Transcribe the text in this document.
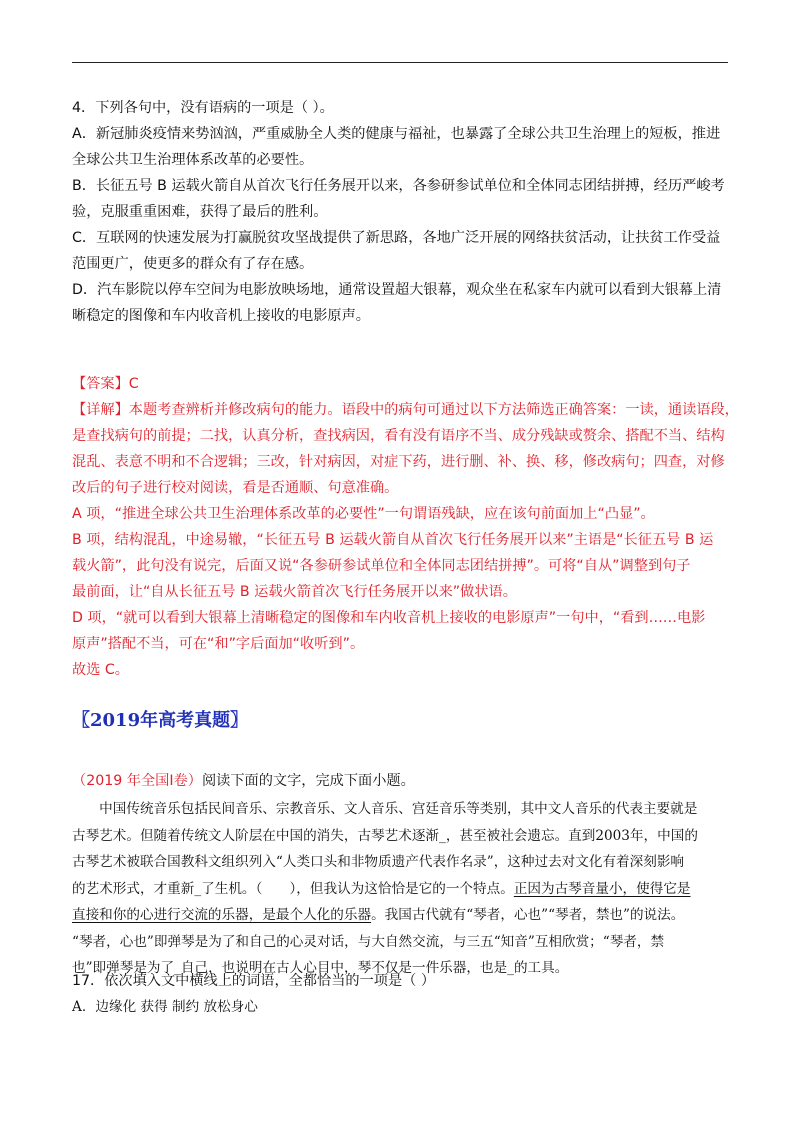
4．下列各句中，没有语病的一项是（ ）。
A．新冠肺炎疫情来势汹汹，严重威胁全人类的健康与福祉，也暴露了全球公共卫生治理上的短板，推进
全球公共卫生治理体系改革的必要性。
B．长征五号 B 运载火箭自从首次飞行任务展开以来，各参研参试单位和全体同志团结拼搏，经历严峻考
验，克服重重困难，获得了最后的胜利。
C．互联网的快速发展为打赢脱贫攻坚战提供了新思路，各地广泛开展的网络扶贫活动，让扶贫工作受益
范围更广，使更多的群众有了存在感。
D．汽车影院以停车空间为电影放映场地，通常设置超大银幕，观众坐在私家车内就可以看到大银幕上清
晰稳定的图像和车内收音机上接收的电影原声。
【答案】C
【详解】本题考查辨析并修改病句的能力。语段中的病句可通过以下方法筛选正确答案：一读，通读语段，
是查找病句的前提；二找，认真分析，查找病因，看有没有语序不当、成分残缺或赘余、搭配不当、结构
混乱、表意不明和不合逻辑；三改，针对病因，对症下药，进行删、补、换、移，修改病句；四查，对修
改后的句子进行校对阅读，看是否通顺、句意准确。
A 项，“推进全球公共卫生治理体系改革的必要性”一句谓语残缺，应在该句前面加上“凸显”。
B 项，结构混乱，中途易辙，“长征五号 B 运载火箭自从首次飞行任务展开以来”主语是“长征五号 B 运
载火箭”，此句没有说完，后面又说“各参研参试单位和全体同志团结拼搏”。可将“自从”调整到句子
最前面，让“自从长征五号 B 运载火箭首次飞行任务展开以来”做状语。
D 项，“就可以看到大银幕上清晰稳定的图像和车内收音机上接收的电影原声”一句中，“看到……电影
原声”搭配不当，可在“和”字后面加“收听到”。
故选 C。
〖2019年高考真题〗
（2019 年全国Ⅰ卷）阅读下面的文字，完成下面小题。
　　中国传统音乐包括民间音乐、宗教音乐、文人音乐、宫廷音乐等类别，其中文人音乐的代表主要就是
古琴艺术。但随着传统文人阶层在中国的消失，古琴艺术逐渐_，甚至被社会遗忘。直到2003年，中国的
古琴艺术被联合国教科文组织列入“人类口头和非物质遗产代表作名录”，这种过去对文化有着深刻影响
的艺术形式，才重新_了生机。（　　），但我认为这恰恰是它的一个特点。正因为古琴音量小，使得它是
直接和你的心进行交流的乐器，是最个人化的乐器。我国古代就有“琴者，心也”“琴者，禁也”的说法。
“琴者，心也”即弹琴是为了和自己的心灵对话，与大自然交流，与三五“知音”互相欣赏；“琴者，禁
也”即弹琴是为了_自己，也说明在古人心目中，琴不仅是一件乐器，也是_的工具。
17．依次填入文中横线上的词语，全都恰当的一项是（ ）
A．边缘化 获得 制约 放松身心
